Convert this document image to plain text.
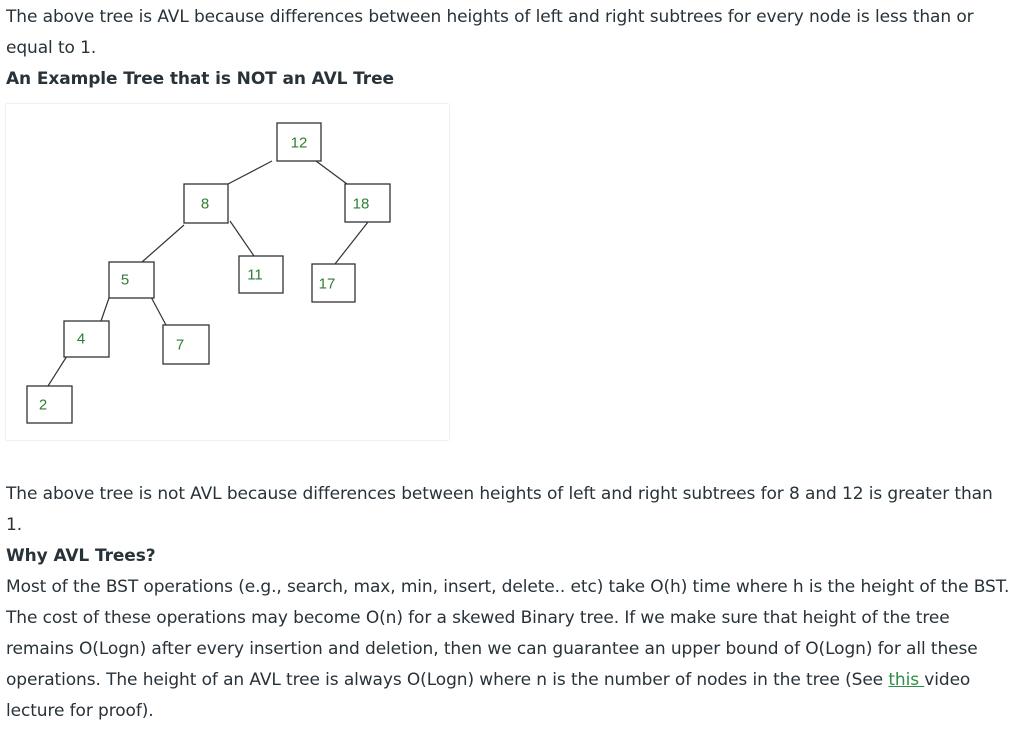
The above tree is AVL because differences between heights of left and right subtrees for every node is less than or equal to 1.

An Example Tree that is NOT an AVL Tree

12
8	18
5	11
17
4	7
2

The above tree is not AVL because differences between heights of left and right subtrees for 8 and 12 is greater than 1.

Why AVL Trees?

Most of the BST operations (e.g., search, max, min, insert, delete.. etc) take O(h) time where h is the height of the BST. The cost of these operations may become O(n) for a skewed Binary tree. If we make sure that height of the tree remains O(Logn) after every insertion and deletion, then we can guarantee an upper bound of O(Logn) for all these operations. The height of an AVL tree is always O(Logn) where n is the number of nodes in the tree (See this video lecture for proof).
